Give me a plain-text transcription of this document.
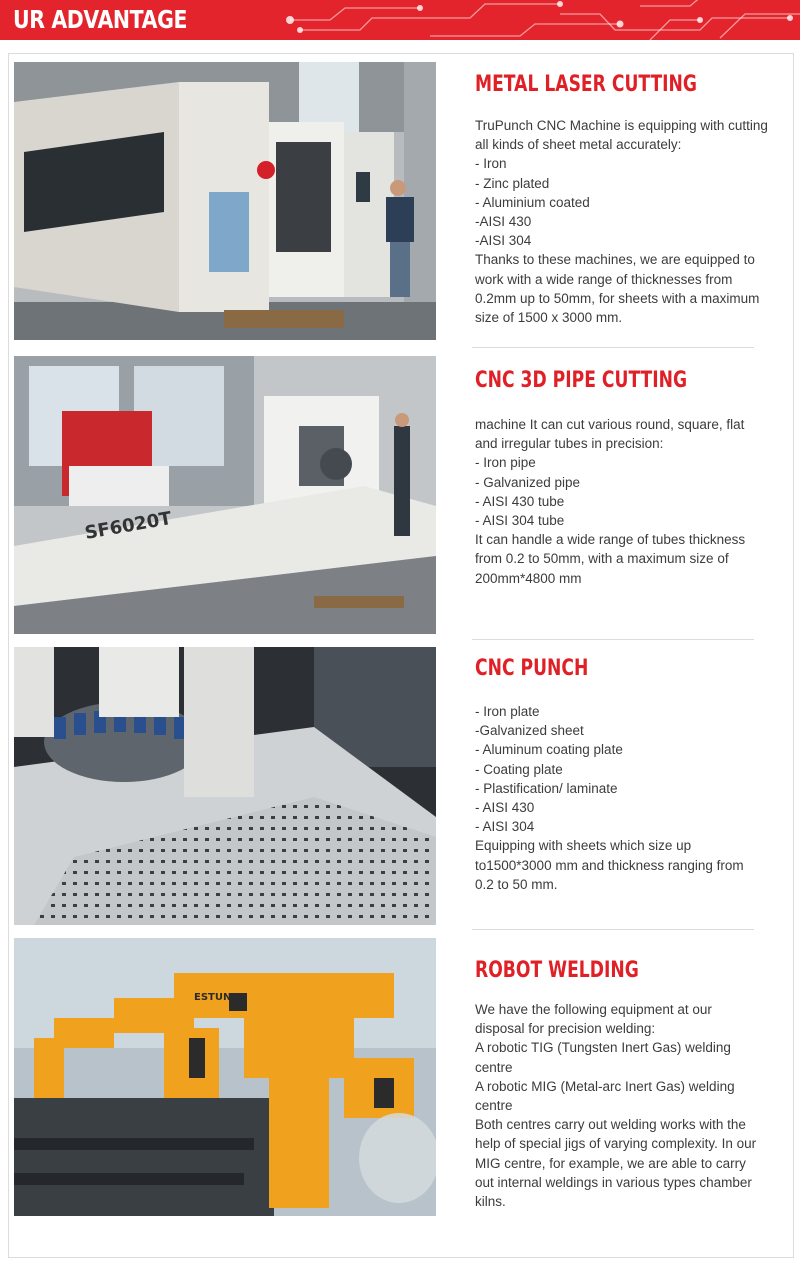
UR ADVANTAGE
METAL LASER CUTTING
TruPunch CNC Machine is equipping with cutting
all kinds of sheet metal accurately:
- Iron
- Zinc plated
- Aluminium coated
-AISI 430
-AISI 304
Thanks to these machines, we are equipped to
work with a wide range of thicknesses from
0.2mm up to 50mm, for sheets with a maximum
size of 1500 x 3000 mm.
SF6020T
CNC 3D PIPE CUTTING
machine It can cut various round, square, flat
and irregular tubes in precision:
- Iron pipe
- Galvanized pipe
- AISI 430 tube
- AISI 304 tube
It can handle a wide range of tubes thickness
from 0.2 to 50mm, with a maximum size of
200mm*4800 mm
CNC PUNCH
- Iron plate
-Galvanized sheet
- Aluminum coating plate
- Coating plate
- Plastification/ laminate
- AISI 430
- AISI 304
Equipping with sheets which size up
to1500*3000 mm and thickness ranging from
0.2 to 50 mm.
ESTUN
ROBOT WELDING
We have the following equipment at our
disposal for precision welding:
A robotic TIG (Tungsten Inert Gas) welding
centre
A robotic MIG (Metal-arc Inert Gas) welding
centre
Both centres carry out welding works with the
help of special jigs of varying complexity. In our
MIG centre, for example, we are able to carry
out internal weldings in various types chamber
kilns.
